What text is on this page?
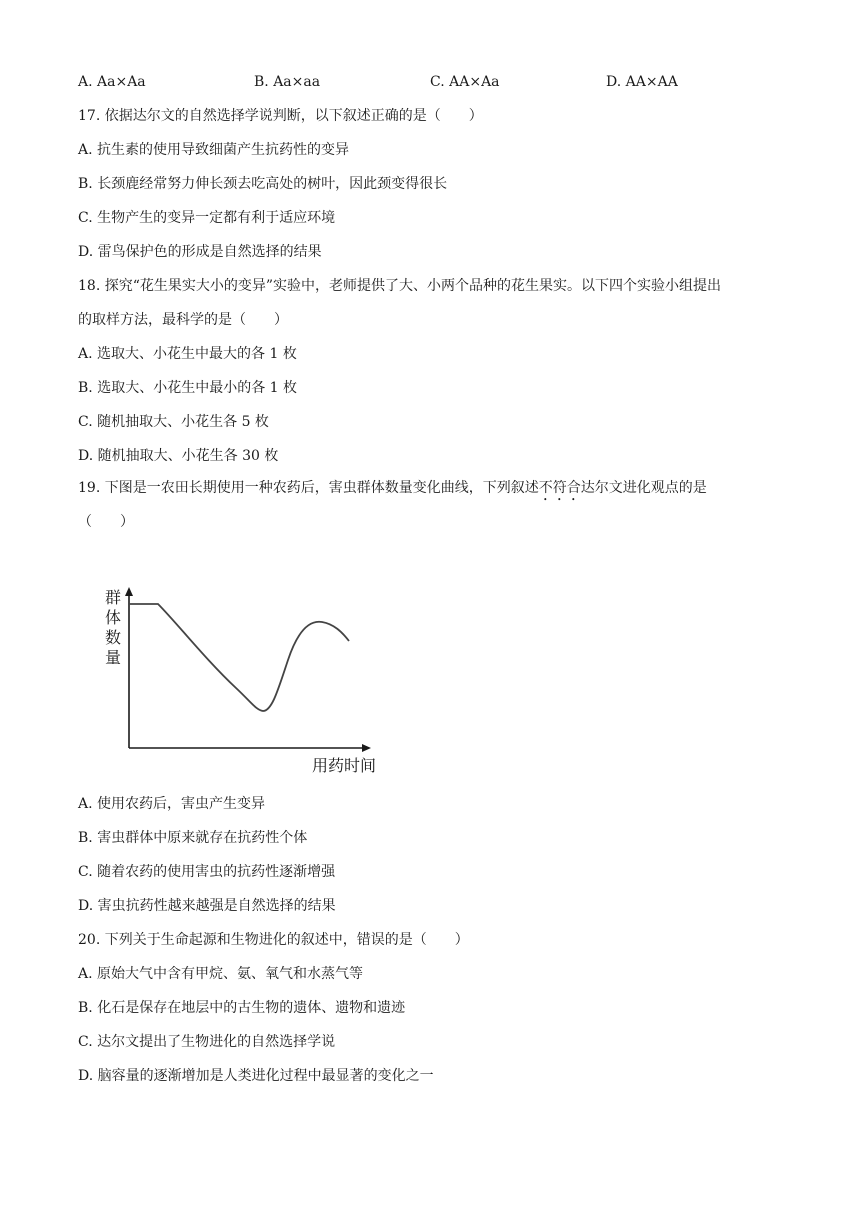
A. Aa×Aa	B. Aa×aa	C. AA×Aa	D. AA×AA
17. 依据达尔文的自然选择学说判断，以下叙述正确的是（　　）
A. 抗生素的使用导致细菌产生抗药性的变异
B. 长颈鹿经常努力伸长颈去吃高处的树叶，因此颈变得很长
C. 生物产生的变异一定都有利于适应环境
D. 雷鸟保护色的形成是自然选择的结果
18. 探究“花生果实大小的变异”实验中，老师提供了大、小两个品种的花生果实。以下四个实验小组提出
的取样方法，最科学的是（　　）
A. 选取大、小花生中最大的各 1 枚
B. 选取大、小花生中最小的各 1 枚
C. 随机抽取大、小花生各 5 枚
D. 随机抽取大、小花生各 30 枚
19. 下图是一农田长期使用一种农药后，害虫群体数量变化曲线，下列叙述不符合达尔文进化观点的是
（　　）
群
体
数
量
用药时间
A. 使用农药后，害虫产生变异
B. 害虫群体中原来就存在抗药性个体
C. 随着农药的使用害虫的抗药性逐渐增强
D. 害虫抗药性越来越强是自然选择的结果
20. 下列关于生命起源和生物进化的叙述中，错误的是（　　）
A. 原始大气中含有甲烷、氨、氧气和水蒸气等
B. 化石是保存在地层中的古生物的遗体、遗物和遗迹
C. 达尔文提出了生物进化的自然选择学说
D. 脑容量的逐渐增加是人类进化过程中最显著的变化之一
